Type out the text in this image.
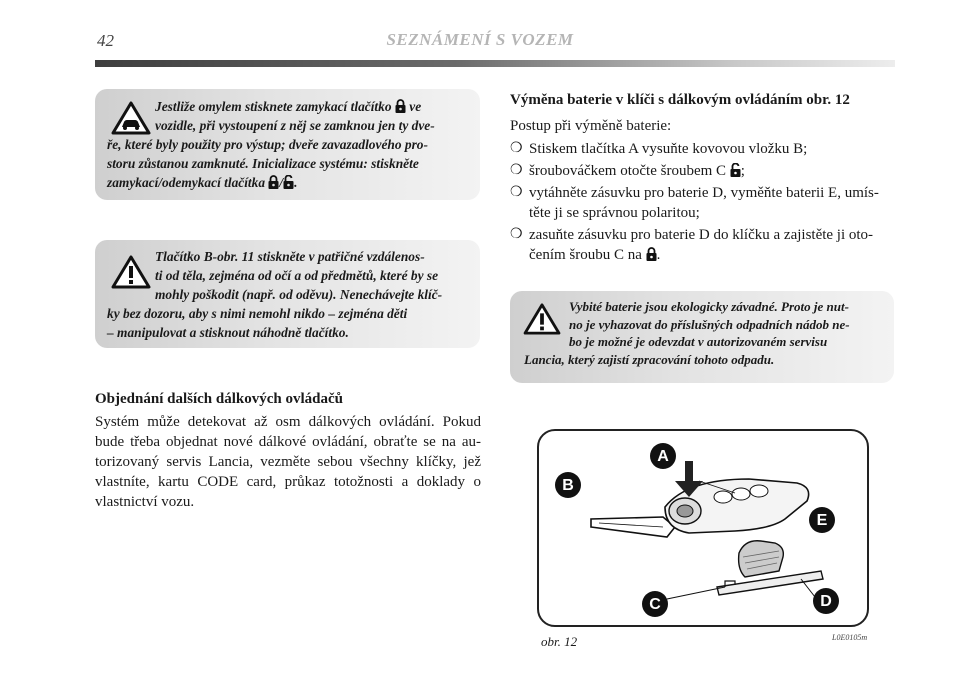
42	SEZNÁMENÍ S VOZEM
Jestliže omylem stisknete zamykací tlačítko  ve
vozidle, při vystoupení z něj se zamknou jen ty dve-
ře, které byly použity pro výstup; dveře zavazadlového pro-
storu zůstanou zamknuté. Inicializace systému: stiskněte
zamykací/odemykací tlačítka / .
Tlačítko B-obr. 11 stiskněte v patřičné vzdálenos-
ti od těla, zejména od očí a od předmětů, které by se
mohly poškodit (např. od oděvu). Nenechávejte klíč-
ky bez dozoru, aby s nimi nemohl nikdo – zejména děti
– manipulovat a stisknout náhodně tlačítko.
Objednání dalších dálkových ovládačů
Systém může detekovat až osm dálkových ovládání. Pokud bude třeba objednat nové dálkové ovládání, obraťte se na au-torizovaný servis Lancia, vezměte sebou všechny klíčky, jež vlastníte, kartu CODE card, průkaz totožnosti a doklady o vlastnictví vozu.
Výměna baterie v klíči s dálkovým ovládáním obr. 12
Postup při výměně baterie:
❍ Stiskem tlačítka A vysuňte kovovou vložku B;
❍ šroubováčkem otočte šroubem C ;
❍ vytáhněte zásuvku pro baterie D, vyměňte baterii E, umís-těte ji se správnou polaritou;
❍ zasuňte zásuvku pro baterie D do klíčku a zajistěte ji oto-čením šroubu C na .
Vybité baterie jsou ekologicky závadné. Proto je nut-
no je vyhazovat do příslušných odpadních nádob ne-
bo je možné je odevzdat v autorizovaném servisu
Lancia, který zajistí zpracování tohoto odpadu.
A
B
C	D
E
obr. 12	L0E0105m
